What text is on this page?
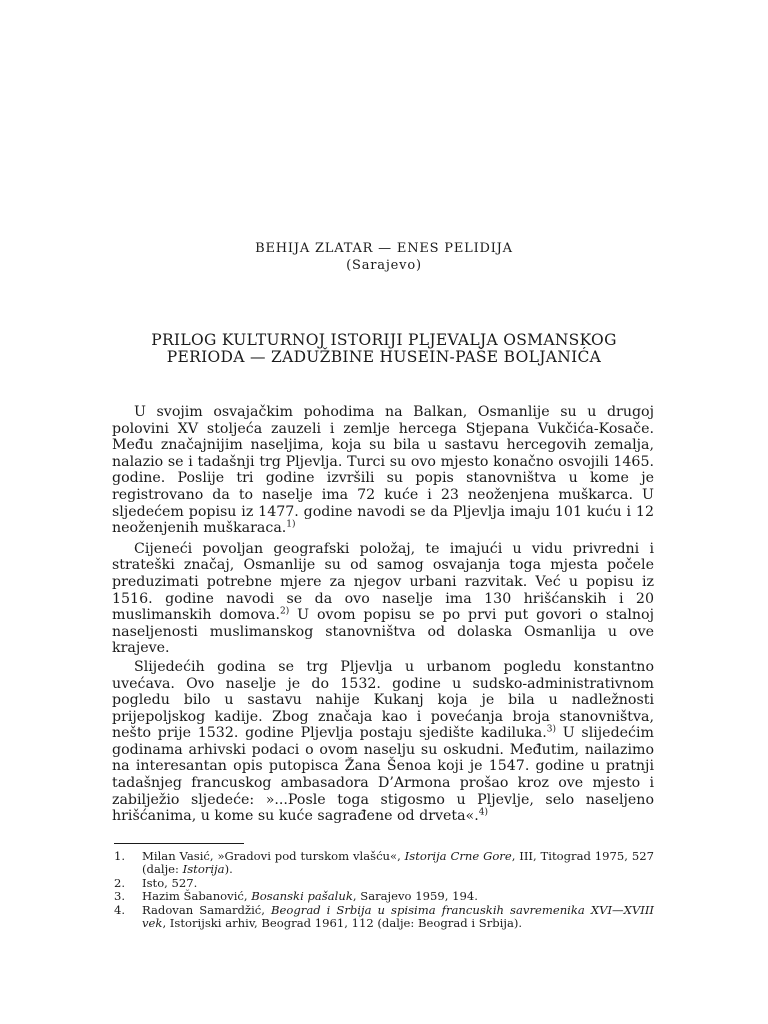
BEHIJA ZLATAR — ENES PELIDIJA
(Sarajevo)
PRILOG KULTURNOJ ISTORIJI PLJEVALJA OSMANSKOG
PERIODA — ZADUŽBINE HUSEIN-PAŠE BOLJANIĆA

U svojim osvajačkim pohodima na Balkan, Osmanlije su u drugoj polovini XV stoljeća zauzeli i zemlje hercega Stjepana Vukčića-Kosače. Među značajnijim naseljima, koja su bila u sastavu hercegovih zemalja, nalazio se i tadašnji trg Pljevlja. Turci su ovo mjesto konačno osvojili 1465. godine. Poslije tri godine izvršili su popis stanovništva u kome je registrovano da to naselje ima 72 kuće i 23 neoženjena muškarca. U sljedećem popisu iz 1477. godine navodi se da Pljevlja imaju 101 kuću i 12 neoženjenih muškaraca.$^{1)}$

Cijeneći povoljan geografski položaj, te imajući u vidu privredni i strateški značaj, Osmanlije su od samog osvajanja toga mjesta počele preduzimati potrebne mjere za njegov urbani razvitak. Već u popisu iz 1516. godine navodi se da ovo naselje ima 130 hrišćanskih i 20 muslimanskih domova.$^{2)}$ U ovom popisu se po prvi put govori o stalnoj naseljenosti muslimanskog stanovništva od dolaska Osmanlija u ove krajeve.

Slijedećih godina se trg Pljevlja u urbanom pogledu konstantno uvećava. Ovo naselje je do 1532. godine u sudsko-administrativnom pogledu bilo u sastavu nahije Kukanj koja je bila u nadležnosti prijepoljskog kadije. Zbog značaja kao i povećanja broja stanovništva, nešto prije 1532. godine Pljevlja postaju sjedište kadiluka.$^{3)}$ U slijedećim godinama arhivski podaci o ovom naselju su oskudni. Međutim, nailazimo na interesantan opis putopisca Žana Šenoa koji je 1547. godine u pratnji tadašnjeg francuskog ambasadora D’Armona prošao kroz ove mjesto i zabilježio sljedeće: »...Posle toga stigosmo u Pljevlje, selo naseljeno hrišćanima, u kome su kuće sagrađene od drveta«.$^{4)}$

1.	Milan Vasić, »Gradovi pod turskom vlašću«, Istorija Crne Gore, III, Titograd 1975, 527 (dalje: Istorija).
2.	Isto, 527.
3.	Hazim Šabanović, Bosanski pašaluk, Sarajevo 1959, 194.
4.	Radovan Samardžić, Beograd i Srbija u spisima francuskih savremenika XVI—XVIII vek, Istorijski arhiv, Beograd 1961, 112 (dalje: Beograd i Srbija).
